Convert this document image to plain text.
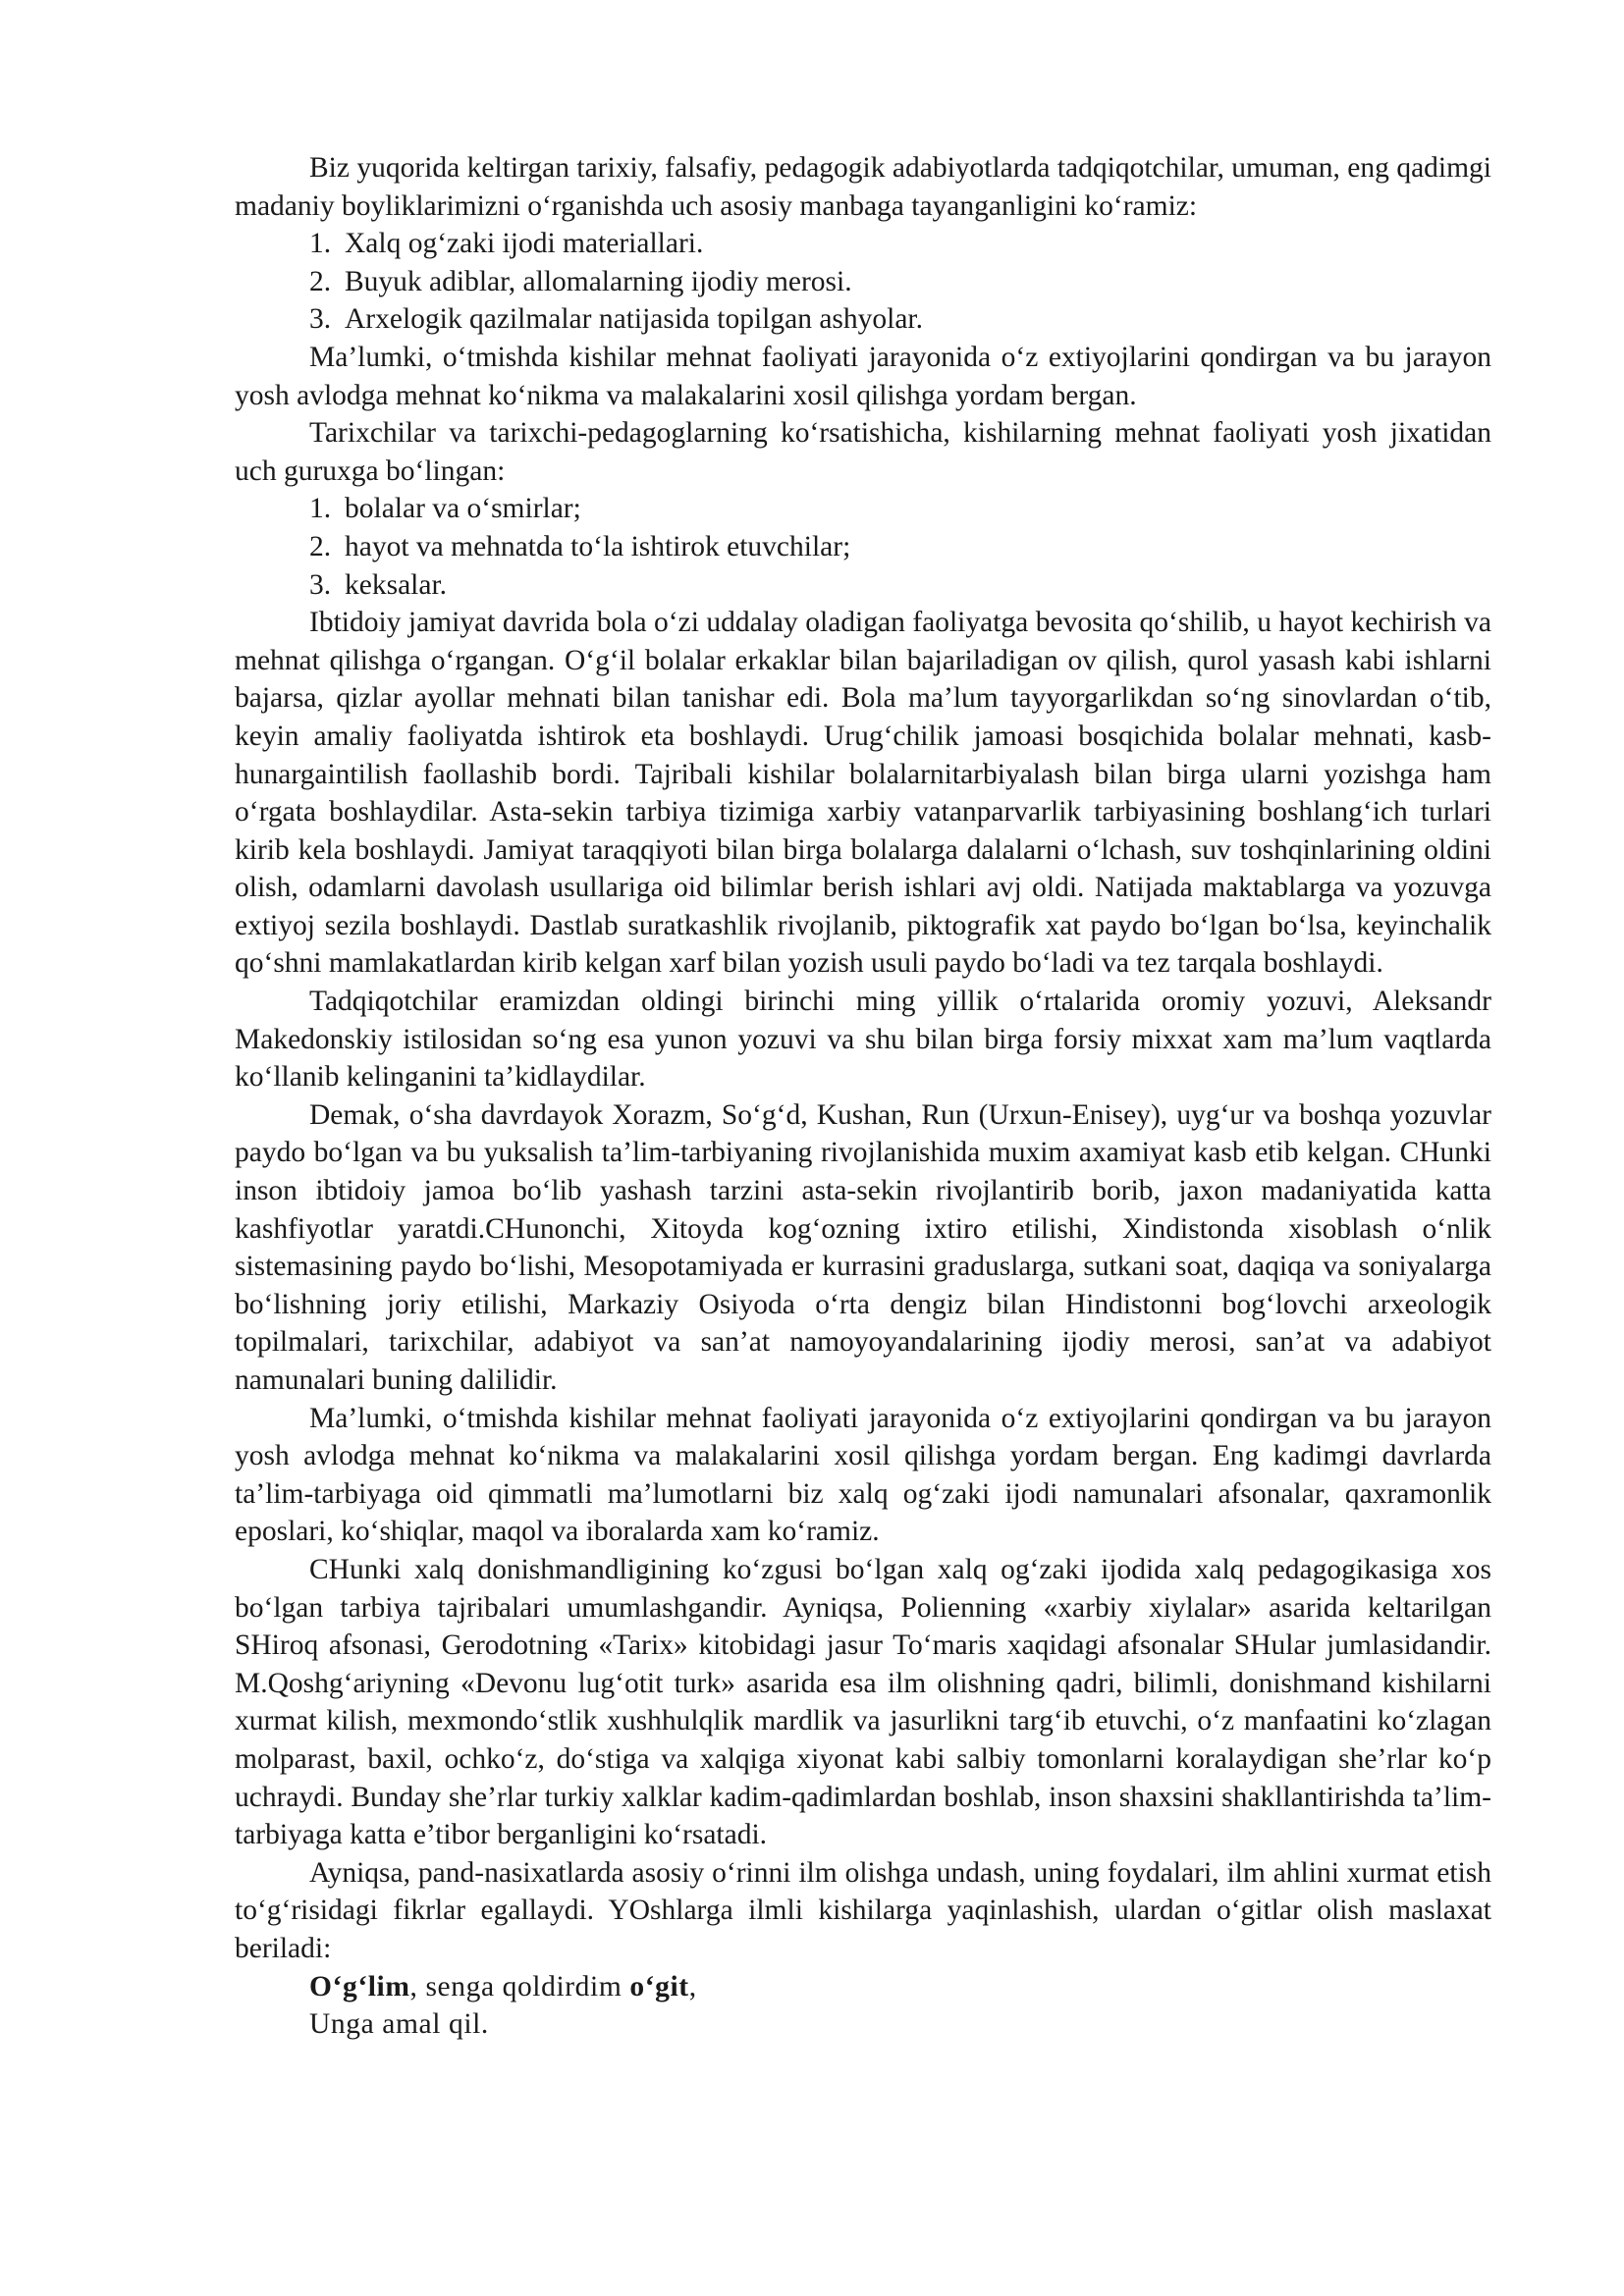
Biz yuqorida keltirgan tarixiy, falsafiy, pedagogik adabiyotlarda tadqiqotchilar, umuman, eng qadimgi madaniy boyliklarimizni o‘rganishda uch asosiy manbaga tayanganligini ko‘ramiz:

1. Xalq og‘zaki ijodi materiallari.

2. Buyuk adiblar, allomalarning ijodiy merosi.

3. Arxelogik qazilmalar natijasida topilgan ashyolar.

Ma’lumki, o‘tmishda kishilar mehnat faoliyati jarayonida o‘z extiyojlarini qondirgan va bu jarayon yosh avlodga mehnat ko‘nikma va malakalarini xosil qilishga yordam bergan.

Tarixchilar va tarixchi-pedagoglarning ko‘rsatishicha, kishilarning mehnat faoliyati yosh jixatidan uch guruxga bo‘lingan:

1. bolalar va o‘smirlar;

2. hayot va mehnatda to‘la ishtirok etuvchilar;

3. keksalar.

Ibtidoiy jamiyat davrida bola o‘zi uddalay oladigan faoliyatga bevosita qo‘shilib, u hayot kechirish va mehnat qilishga o‘rgangan. O‘g‘il bolalar erkaklar bilan bajariladigan ov qilish, qurol yasash kabi ishlarni bajarsa, qizlar ayollar mehnati bilan tanishar edi. Bola ma’lum tayyorgarlikdan so‘ng sinovlardan o‘tib, keyin amaliy faoliyatda ishtirok eta boshlaydi. Urug‘chilik jamoasi bosqichida bolalar mehnati, kasb-hunargaintilish faollashib bordi. Tajribali kishilar bolalarnitarbiyalash bilan birga ularni yozishga ham o‘rgata boshlaydilar. Asta-sekin tarbiya tizimiga xarbiy vatanparvarlik tarbiyasining boshlang‘ich turlari kirib kela boshlaydi. Jamiyat taraqqiyoti bilan birga bolalarga dalalarni o‘lchash, suv toshqinlarining oldini olish, odamlarni davolash usullariga oid bilimlar berish ishlari avj oldi. Natijada maktablarga va yozuvga extiyoj sezila boshlaydi. Dastlab suratkashlik rivojlanib, piktografik xat paydo bo‘lgan bo‘lsa, keyinchalik qo‘shni mamlakatlardan kirib kelgan xarf bilan yozish usuli paydo bo‘ladi va tez tarqala boshlaydi.

Tadqiqotchilar eramizdan oldingi birinchi ming yillik o‘rtalarida oromiy yozuvi, Aleksandr Makedonskiy istilosidan so‘ng esa yunon yozuvi va shu bilan birga forsiy mixxat xam ma’lum vaqtlarda ko‘llanib kelinganini ta’kidlaydilar.

Demak, o‘sha davrdayok Xorazm, So‘g‘d, Kushan, Run (Urxun-Enisey), uyg‘ur va boshqa yozuvlar paydo bo‘lgan va bu yuksalish ta’lim-tarbiyaning rivojlanishida muxim axamiyat kasb etib kelgan. CHunki inson ibtidoiy jamoa bo‘lib yashash tarzini asta-sekin rivojlantirib borib, jaxon madaniyatida katta kashfiyotlar yaratdi.CHunonchi, Xitoyda kog‘ozning ixtiro etilishi, Xindistonda xisoblash o‘nlik sistemasining paydo bo‘lishi, Mesopotamiyada er kurrasini graduslarga, sutkani soat, daqiqa va soniyalarga bo‘lishning joriy etilishi, Markaziy Osiyoda o‘rta dengiz bilan Hindistonni bog‘lovchi arxeologik topilmalari, tarixchilar, adabiyot va san’at namoyoyandalarining ijodiy merosi, san’at va adabiyot namunalari buning dalilidir.

Ma’lumki, o‘tmishda kishilar mehnat faoliyati jarayonida o‘z extiyojlarini qondirgan va bu jarayon yosh avlodga mehnat ko‘nikma va malakalarini xosil qilishga yordam bergan. Eng kadimgi davrlarda ta’lim-tarbiyaga oid qimmatli ma’lumotlarni biz xalq og‘zaki ijodi namunalari afsonalar, qaxramonlik eposlari, ko‘shiqlar, maqol va iboralarda xam ko‘ramiz.

CHunki xalq donishmandligining ko‘zgusi bo‘lgan xalq og‘zaki ijodida xalq pedagogikasiga xos bo‘lgan tarbiya tajribalari umumlashgandir. Ayniqsa, Polienning «xarbiy xiylalar» asarida keltarilgan SHiroq afsonasi, Gerodotning «Tarix» kitobidagi jasur To‘maris xaqidagi afsonalar SHular jumlasidandir. M.Qoshg‘ariyning «Devonu lug‘otit turk» asarida esa ilm olishning qadri, bilimli, donishmand kishilarni xurmat kilish, mexmondo‘stlik xushhulqlik mardlik va jasurlikni targ‘ib etuvchi, o‘z manfaatini ko‘zlagan molparast, baxil, ochko‘z, do‘stiga va xalqiga xiyonat kabi salbiy tomonlarni koralaydigan she’rlar ko‘p uchraydi. Bunday she’rlar turkiy xalklar kadim-qadimlardan boshlab, inson shaxsini shakllantirishda ta’lim-tarbiyaga katta e’tibor berganligini ko‘rsatadi.

Ayniqsa, pand-nasixatlarda asosiy o‘rinni ilm olishga undash, uning foydalari, ilm ahlini xurmat etish to‘g‘risidagi fikrlar egallaydi. YOshlarga ilmli kishilarga yaqinlashish, ulardan o‘gitlar olish maslaxat beriladi:

O‘g‘lim, senga qoldirdim o‘git,

Unga amal qil.
